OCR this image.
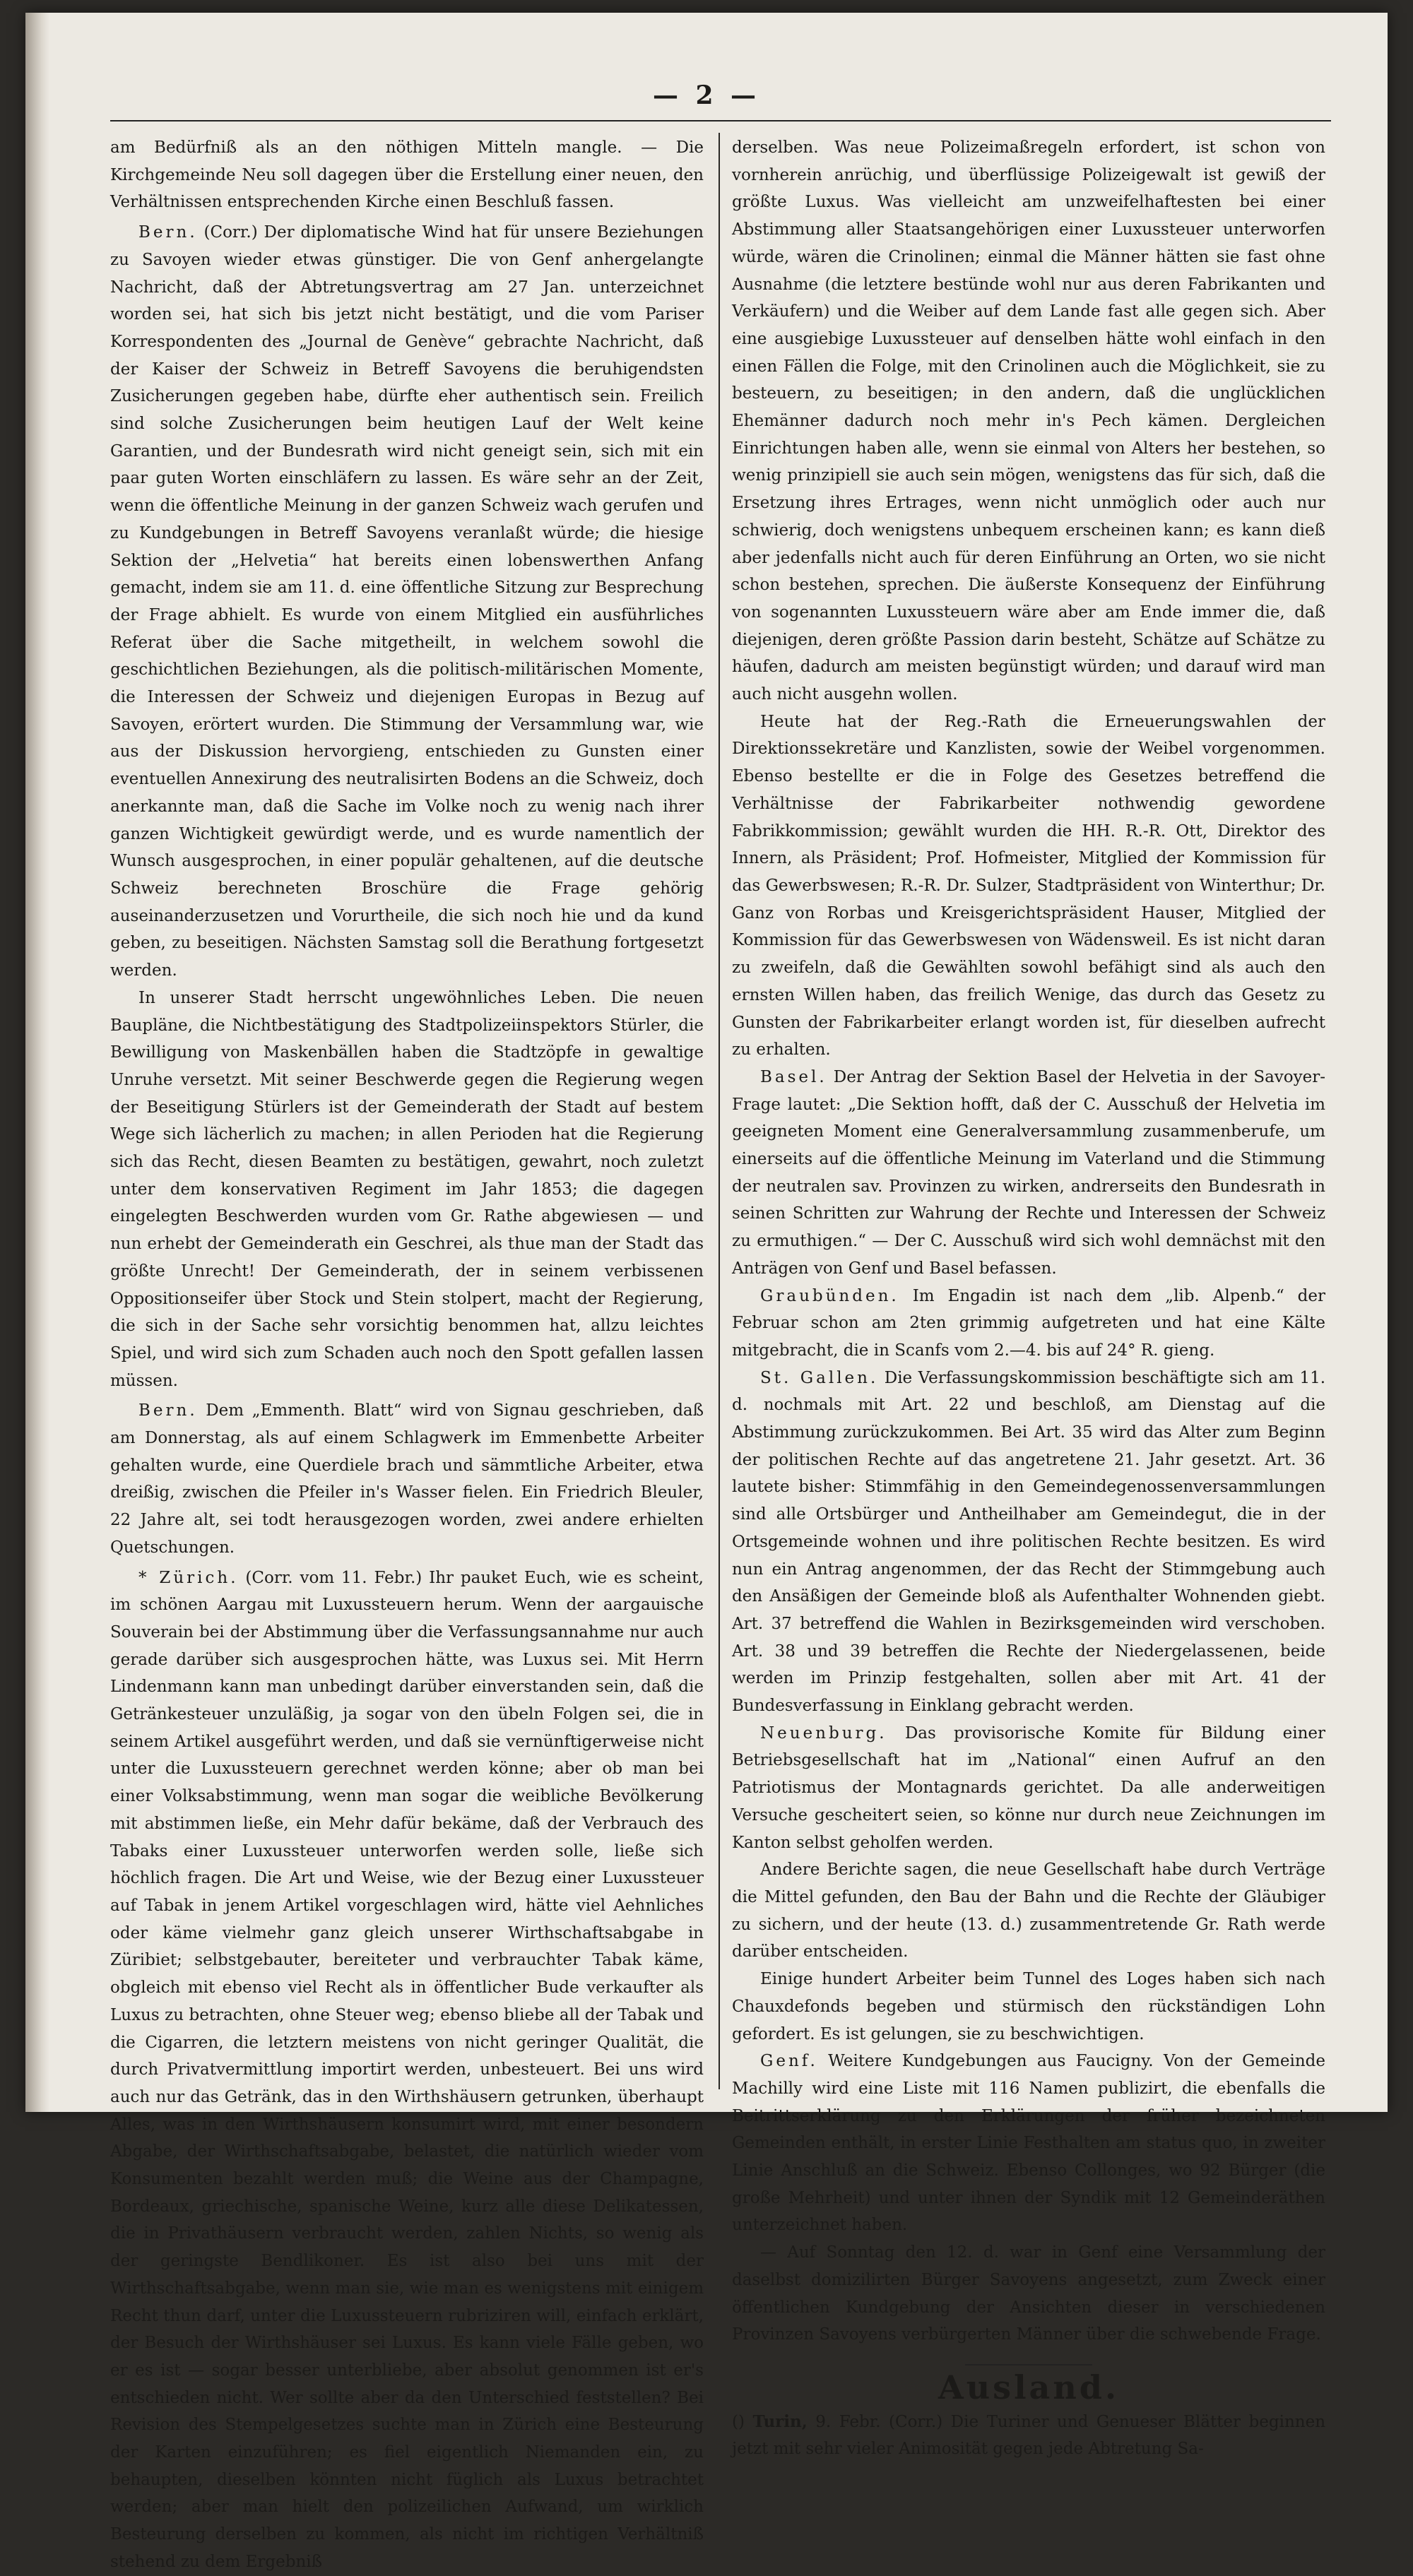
— 2 —

am Bedürfniß als an den nöthigen Mitteln mangle. — Die Kirchgemeinde Neu soll dagegen über die Erstellung einer neuen, den Verhältnissen entsprechenden Kirche einen Beschluß fassen.

Bern. (Corr.) Der diplomatische Wind hat für unsere Beziehungen zu Savoyen wieder etwas günstiger. Die von Genf anhergelangte Nachricht, daß der Abtretungsvertrag am 27 Jan. unterzeichnet worden sei, hat sich bis jetzt nicht bestätigt, und die vom Pariser Korrespondenten des „Journal de Genève“ gebrachte Nachricht, daß der Kaiser der Schweiz in Betreff Savoyens die beruhigendsten Zusicherungen gegeben habe, dürfte eher authentisch sein. Freilich sind solche Zusicherungen beim heutigen Lauf der Welt keine Garantien, und der Bundesrath wird nicht geneigt sein, sich mit ein paar guten Worten einschläfern zu lassen. Es wäre sehr an der Zeit, wenn die öffentliche Meinung in der ganzen Schweiz wach gerufen und zu Kundgebungen in Betreff Savoyens veranlaßt würde; die hiesige Sektion der „Helvetia“ hat bereits einen lobenswerthen Anfang gemacht, indem sie am 11. d. eine öffentliche Sitzung zur Besprechung der Frage abhielt. Es wurde von einem Mitglied ein ausführliches Referat über die Sache mitgetheilt, in welchem sowohl die geschichtlichen Beziehungen, als die politisch-militärischen Momente, die Interessen der Schweiz und diejenigen Europas in Bezug auf Savoyen, erörtert wurden. Die Stimmung der Versammlung war, wie aus der Diskussion hervorgieng, entschieden zu Gunsten einer eventuellen Annexirung des neutralisirten Bodens an die Schweiz, doch anerkannte man, daß die Sache im Volke noch zu wenig nach ihrer ganzen Wichtigkeit gewürdigt werde, und es wurde namentlich der Wunsch ausgesprochen, in einer populär gehaltenen, auf die deutsche Schweiz berechneten Broschüre die Frage gehörig auseinanderzusetzen und Vorurtheile, die sich noch hie und da kund geben, zu beseitigen. Nächsten Samstag soll die Berathung fortgesetzt werden.

In unserer Stadt herrscht ungewöhnliches Leben. Die neuen Baupläne, die Nichtbestätigung des Stadtpolizeiinspektors Stürler, die Bewilligung von Maskenbällen haben die Stadtzöpfe in gewaltige Unruhe versetzt. Mit seiner Beschwerde gegen die Regierung wegen der Beseitigung Stürlers ist der Gemeinderath der Stadt auf bestem Wege sich lächerlich zu machen; in allen Perioden hat die Regierung sich das Recht, diesen Beamten zu bestätigen, gewahrt, noch zuletzt unter dem konservativen Regiment im Jahr 1853; die dagegen eingelegten Beschwerden wurden vom Gr. Rathe abgewiesen — und nun erhebt der Gemeinderath ein Geschrei, als thue man der Stadt das größte Unrecht! Der Gemeinderath, der in seinem verbissenen Oppositionseifer über Stock und Stein stolpert, macht der Regierung, die sich in der Sache sehr vorsichtig benommen hat, allzu leichtes Spiel, und wird sich zum Schaden auch noch den Spott gefallen lassen müssen.

Bern. Dem „Emmenth. Blatt“ wird von Signau geschrieben, daß am Donnerstag, als auf einem Schlagwerk im Emmenbette Arbeiter gehalten wurde, eine Querdiele brach und sämmtliche Arbeiter, etwa dreißig, zwischen die Pfeiler in's Wasser fielen. Ein Friedrich Bleuler, 22 Jahre alt, sei todt herausgezogen worden, zwei andere erhielten Quetschungen.

* Zürich. (Corr. vom 11. Febr.) Ihr pauket Euch, wie es scheint, im schönen Aargau mit Luxussteuern herum. Wenn der aargauische Souverain bei der Abstimmung über die Verfassungsannahme nur auch gerade darüber sich ausgesprochen hätte, was Luxus sei. Mit Herrn Lindenmann kann man unbedingt darüber einverstanden sein, daß die Getränkesteuer unzuläßig, ja sogar von den übeln Folgen sei, die in seinem Artikel ausgeführt werden, und daß sie vernünftigerweise nicht unter die Luxussteuern gerechnet werden könne; aber ob man bei einer Volksabstimmung, wenn man sogar die weibliche Bevölkerung mit abstimmen ließe, ein Mehr dafür bekäme, daß der Verbrauch des Tabaks einer Luxussteuer unterworfen werden solle, ließe sich höchlich fragen. Die Art und Weise, wie der Bezug einer Luxussteuer auf Tabak in jenem Artikel vorgeschlagen wird, hätte viel Aehnliches oder käme vielmehr ganz gleich unserer Wirthschaftsabgabe in Züribiet; selbstgebauter, bereiteter und verbrauchter Tabak käme, obgleich mit ebenso viel Recht als in öffentlicher Bude verkaufter als Luxus zu betrachten, ohne Steuer weg; ebenso bliebe all der Tabak und die Cigarren, die letztern meistens von nicht geringer Qualität, die durch Privatvermittlung importirt werden, unbesteuert. Bei uns wird auch nur das Getränk, das in den Wirthshäusern getrunken, überhaupt Alles, was in den Wirthshäusern konsumirt wird, mit einer besondern Abgabe, der Wirthschaftsabgabe, belastet, die natürlich wieder vom Konsumenten bezahlt werden muß; die Weine aus der Champagne, Bordeaux, griechische, spanische Weine, kurz alle diese Delikatessen, die in Privathäusern verbraucht werden, zahlen Nichts, so wenig als der geringste Bendlikoner. Es ist also bei uns mit der Wirthschaftsabgabe, wenn man sie, wie man es wenigstens mit einigem Recht thun darf, unter die Luxussteuern rubriziren will, einfach erklärt, der Besuch der Wirthshäuser sei Luxus. Es kann viele Fälle geben, wo er es ist — sogar besser unterbliebe, aber absolut genommen ist er's entschieden nicht. Wer sollte aber da den Unterschied feststellen? Bei Revision des Stempelgesetzes suchte man in Zürich eine Besteurung der Karten einzuführen; es fiel eigentlich Niemanden ein, zu behaupten, dieselben könnten nicht füglich als Luxus betrachtet werden; aber man hielt den polizeilichen Aufwand, um wirklich Besteurung derselben zu kommen, als nicht im richtigen Verhältniß stehend zu dem Ergebniß

derselben. Was neue Polizeimaßregeln erfordert, ist schon von vornherein anrüchig, und überflüssige Polizeigewalt ist gewiß der größte Luxus. Was vielleicht am unzweifelhaftesten bei einer Abstimmung aller Staatsangehörigen einer Luxussteuer unterworfen würde, wären die Crinolinen; einmal die Männer hätten sie fast ohne Ausnahme (die letztere bestünde wohl nur aus deren Fabrikanten und Verkäufern) und die Weiber auf dem Lande fast alle gegen sich. Aber eine ausgiebige Luxussteuer auf denselben hätte wohl einfach in den einen Fällen die Folge, mit den Crinolinen auch die Möglichkeit, sie zu besteuern, zu beseitigen; in den andern, daß die unglücklichen Ehemänner dadurch noch mehr in's Pech kämen. Dergleichen Einrichtungen haben alle, wenn sie einmal von Alters her bestehen, so wenig prinzipiell sie auch sein mögen, wenigstens das für sich, daß die Ersetzung ihres Ertrages, wenn nicht unmöglich oder auch nur schwierig, doch wenigstens unbequem erscheinen kann; es kann dieß aber jedenfalls nicht auch für deren Einführung an Orten, wo sie nicht schon bestehen, sprechen. Die äußerste Konsequenz der Einführung von sogenannten Luxussteuern wäre aber am Ende immer die, daß diejenigen, deren größte Passion darin besteht, Schätze auf Schätze zu häufen, dadurch am meisten begünstigt würden; und darauf wird man auch nicht ausgehn wollen.

Heute hat der Reg.-Rath die Erneuerungswahlen der Direktionssekretäre und Kanzlisten, sowie der Weibel vorgenommen. Ebenso bestellte er die in Folge des Gesetzes betreffend die Verhältnisse der Fabrikarbeiter nothwendig gewordene Fabrikkommission; gewählt wurden die HH. R.-R. Ott, Direktor des Innern, als Präsident; Prof. Hofmeister, Mitglied der Kommission für das Gewerbswesen; R.-R. Dr. Sulzer, Stadtpräsident von Winterthur; Dr. Ganz von Rorbas und Kreisgerichtspräsident Hauser, Mitglied der Kommission für das Gewerbswesen von Wädensweil. Es ist nicht daran zu zweifeln, daß die Gewählten sowohl befähigt sind als auch den ernsten Willen haben, das freilich Wenige, das durch das Gesetz zu Gunsten der Fabrikarbeiter erlangt worden ist, für dieselben aufrecht zu erhalten.

Basel. Der Antrag der Sektion Basel der Helvetia in der Savoyer-Frage lautet: „Die Sektion hofft, daß der C. Ausschuß der Helvetia im geeigneten Moment eine Generalversammlung zusammenberufe, um einerseits auf die öffentliche Meinung im Vaterland und die Stimmung der neutralen sav. Provinzen zu wirken, andrerseits den Bundesrath in seinen Schritten zur Wahrung der Rechte und Interessen der Schweiz zu ermuthigen.“ — Der C. Ausschuß wird sich wohl demnächst mit den Anträgen von Genf und Basel befassen.

Graubünden. Im Engadin ist nach dem „lib. Alpenb.“ der Februar schon am 2ten grimmig aufgetreten und hat eine Kälte mitgebracht, die in Scanfs vom 2.—4. bis auf 24° R. gieng.

St. Gallen. Die Verfassungskommission beschäftigte sich am 11. d. nochmals mit Art. 22 und beschloß, am Dienstag auf die Abstimmung zurückzukommen. Bei Art. 35 wird das Alter zum Beginn der politischen Rechte auf das angetretene 21. Jahr gesetzt. Art. 36 lautete bisher: Stimmfähig in den Gemeindegenossenversammlungen sind alle Ortsbürger und Antheilhaber am Gemeindegut, die in der Ortsgemeinde wohnen und ihre politischen Rechte besitzen. Es wird nun ein Antrag angenommen, der das Recht der Stimmgebung auch den Ansäßigen der Gemeinde bloß als Aufenthalter Wohnenden giebt. Art. 37 betreffend die Wahlen in Bezirksgemeinden wird verschoben. Art. 38 und 39 betreffen die Rechte der Niedergelassenen, beide werden im Prinzip festgehalten, sollen aber mit Art. 41 der Bundesverfassung in Einklang gebracht werden.

Neuenburg. Das provisorische Komite für Bildung einer Betriebsgesellschaft hat im „National“ einen Aufruf an den Patriotismus der Montagnards gerichtet. Da alle anderweitigen Versuche gescheitert seien, so könne nur durch neue Zeichnungen im Kanton selbst geholfen werden.

Andere Berichte sagen, die neue Gesellschaft habe durch Verträge die Mittel gefunden, den Bau der Bahn und die Rechte der Gläubiger zu sichern, und der heute (13. d.) zusammentretende Gr. Rath werde darüber entscheiden.

Einige hundert Arbeiter beim Tunnel des Loges haben sich nach Chauxdefonds begeben und stürmisch den rückständigen Lohn gefordert. Es ist gelungen, sie zu beschwichtigen.

Genf. Weitere Kundgebungen aus Faucigny. Von der Gemeinde Machilly wird eine Liste mit 116 Namen publizirt, die ebenfalls die Beitrittserklärung zu den Erklärungen der früher bezeichneten Gemeinden enthält, in erster Linie Festhalten am status quo, in zweiter Linie Anschluß an die Schweiz. Ebenso Collonges, wo 92 Bürger (die große Mehrheit) und unter ihnen der Syndik mit 12 Gemeinderäthen unterzeichnet haben.

— Auf Sonntag den 12. d. war in Genf eine Versammlung der daselbst domizilirten Bürger Savoyens angesetzt, zum Zweck einer öffentlichen Kundgebung der Ansichten dieser in verschiedenen Provinzen Savoyens verbürgerten Männer über die schwebende Frage.

Ausland.

() Turin, 9. Febr. (Corr.) Die Turiner und Genueser Blätter beginnen jetzt mit sehr vieler Animosität gegen jede Abtretung Sa-
